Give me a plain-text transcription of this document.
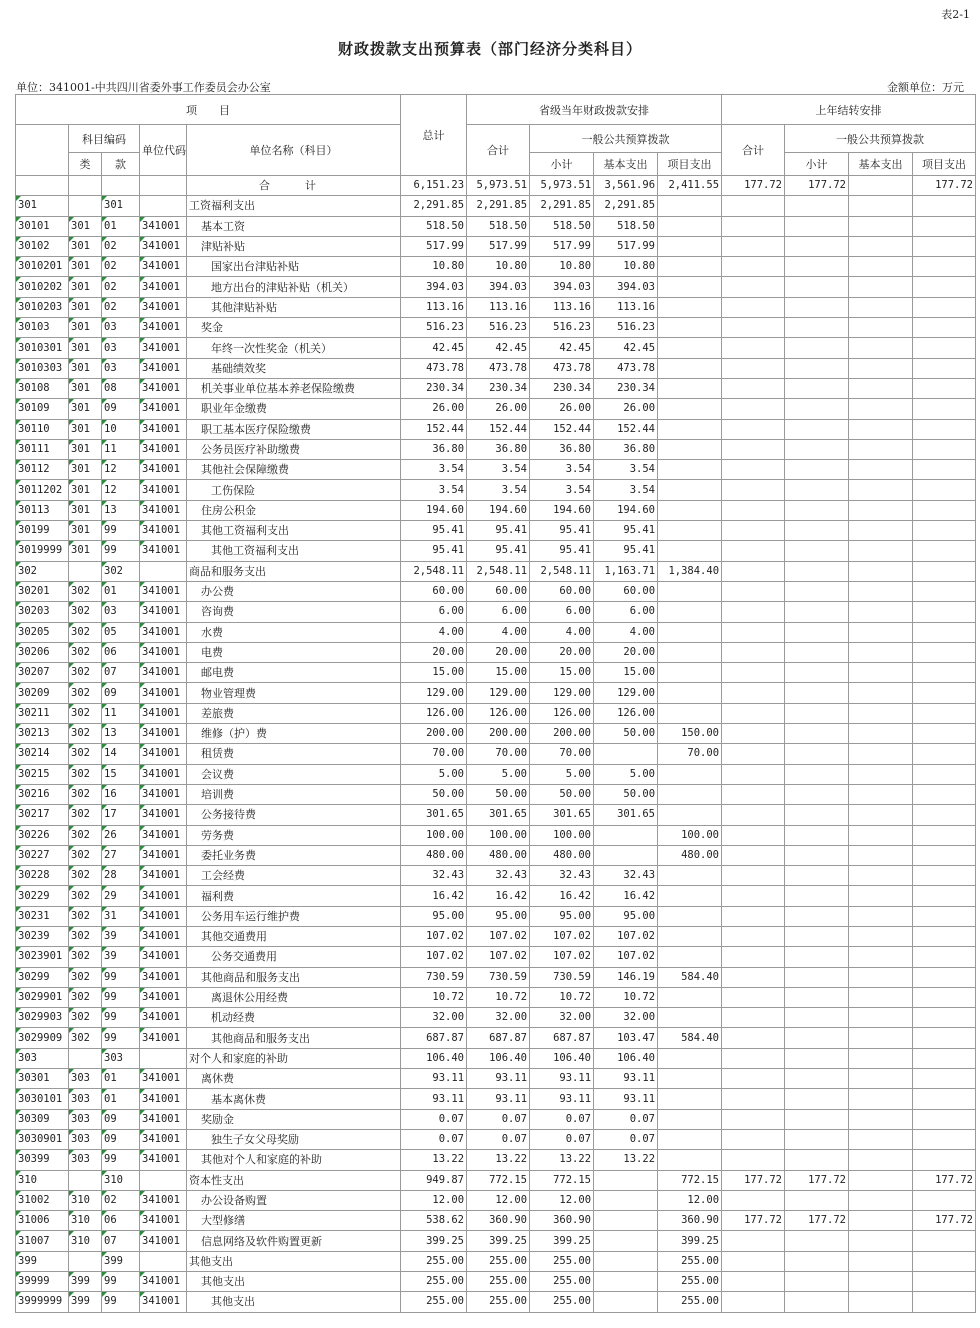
表2-1
财政拨款支出预算表（部门经济分类科目）
单位：341001-中共四川省委外事工作委员会办公室	金额单位：万元
项　　目					总计	省级当年财政拨款安排				上年结转安排			
	科目编码		单位代码	单位名称（科目）		合计	一般公共预算拨款			合计	一般公共预算拨款		
	类	款					小计	基本支出	项目支出		小计	基本支出	项目支出
				合　计	6,151.23	5,973.51	5,973.51	3,561.96	2,411.55	177.72	177.72		177.72
301		301		工资福利支出	2,291.85	2,291.85	2,291.85	2,291.85					
30101	301	01	341001	基本工资	518.50	518.50	518.50	518.50					
30102	301	02	341001	津贴补贴	517.99	517.99	517.99	517.99					
3010201	301	02	341001	国家出台津贴补贴	10.80	10.80	10.80	10.80					
3010202	301	02	341001	地方出台的津贴补贴（机关）	394.03	394.03	394.03	394.03					
3010203	301	02	341001	其他津贴补贴	113.16	113.16	113.16	113.16					
30103	301	03	341001	奖金	516.23	516.23	516.23	516.23					
3010301	301	03	341001	年终一次性奖金（机关）	42.45	42.45	42.45	42.45					
3010303	301	03	341001	基础绩效奖	473.78	473.78	473.78	473.78					
30108	301	08	341001	机关事业单位基本养老保险缴费	230.34	230.34	230.34	230.34					
30109	301	09	341001	职业年金缴费	26.00	26.00	26.00	26.00					
30110	301	10	341001	职工基本医疗保险缴费	152.44	152.44	152.44	152.44					
30111	301	11	341001	公务员医疗补助缴费	36.80	36.80	36.80	36.80					
30112	301	12	341001	其他社会保障缴费	3.54	3.54	3.54	3.54					
3011202	301	12	341001	工伤保险	3.54	3.54	3.54	3.54					
30113	301	13	341001	住房公积金	194.60	194.60	194.60	194.60					
30199	301	99	341001	其他工资福利支出	95.41	95.41	95.41	95.41					
3019999	301	99	341001	其他工资福利支出	95.41	95.41	95.41	95.41					
302		302		商品和服务支出	2,548.11	2,548.11	2,548.11	1,163.71	1,384.40				
30201	302	01	341001	办公费	60.00	60.00	60.00	60.00					
30203	302	03	341001	咨询费	6.00	6.00	6.00	6.00					
30205	302	05	341001	水费	4.00	4.00	4.00	4.00					
30206	302	06	341001	电费	20.00	20.00	20.00	20.00					
30207	302	07	341001	邮电费	15.00	15.00	15.00	15.00					
30209	302	09	341001	物业管理费	129.00	129.00	129.00	129.00					
30211	302	11	341001	差旅费	126.00	126.00	126.00	126.00					
30213	302	13	341001	维修（护）费	200.00	200.00	200.00	50.00	150.00				
30214	302	14	341001	租赁费	70.00	70.00	70.00		70.00				
30215	302	15	341001	会议费	5.00	5.00	5.00	5.00					
30216	302	16	341001	培训费	50.00	50.00	50.00	50.00					
30217	302	17	341001	公务接待费	301.65	301.65	301.65	301.65					
30226	302	26	341001	劳务费	100.00	100.00	100.00		100.00				
30227	302	27	341001	委托业务费	480.00	480.00	480.00		480.00				
30228	302	28	341001	工会经费	32.43	32.43	32.43	32.43					
30229	302	29	341001	福利费	16.42	16.42	16.42	16.42					
30231	302	31	341001	公务用车运行维护费	95.00	95.00	95.00	95.00					
30239	302	39	341001	其他交通费用	107.02	107.02	107.02	107.02					
3023901	302	39	341001	公务交通费用	107.02	107.02	107.02	107.02					
30299	302	99	341001	其他商品和服务支出	730.59	730.59	730.59	146.19	584.40				
3029901	302	99	341001	离退休公用经费	10.72	10.72	10.72	10.72					
3029903	302	99	341001	机动经费	32.00	32.00	32.00	32.00					
3029909	302	99	341001	其他商品和服务支出	687.87	687.87	687.87	103.47	584.40				
303		303		对个人和家庭的补助	106.40	106.40	106.40	106.40					
30301	303	01	341001	离休费	93.11	93.11	93.11	93.11					
3030101	303	01	341001	基本离休费	93.11	93.11	93.11	93.11					
30309	303	09	341001	奖励金	0.07	0.07	0.07	0.07					
3030901	303	09	341001	独生子女父母奖励	0.07	0.07	0.07	0.07					
30399	303	99	341001	其他对个人和家庭的补助	13.22	13.22	13.22	13.22					
310		310		资本性支出	949.87	772.15	772.15		772.15	177.72	177.72		177.72
31002	310	02	341001	办公设备购置	12.00	12.00	12.00		12.00				
31006	310	06	341001	大型修缮	538.62	360.90	360.90		360.90	177.72	177.72		177.72
31007	310	07	341001	信息网络及软件购置更新	399.25	399.25	399.25		399.25				
399		399		其他支出	255.00	255.00	255.00		255.00				
39999	399	99	341001	其他支出	255.00	255.00	255.00		255.00				
3999999	399	99	341001	其他支出	255.00	255.00	255.00		255.00				
